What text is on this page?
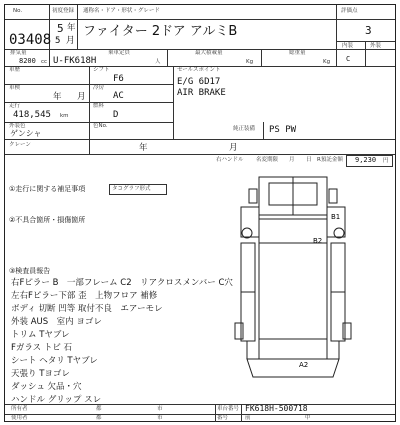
No.
03408
初度登録
5 年
5 月
通称名・ドア・形状・グレード
ファイター 2ドア アルミB
評価点
3
内装
C
外装
排気量
8200 cc U-FK618H
乗車定員
人
最大積載量
Kg
総重量
Kg
車歴	シフト
F6
車検
年 月
冷房
AC
走行
418,545 km
燃料
D
外装色
ゲンシャ
色No.
クレーン	年	月
セールスポイント
E/G 6D17
AIR BRAKE
純正装備 PS PW
右ハンドル 名変期限 月 日 R預託金額 9,230 円
①走行に関する補足事項	タコグラフ形式
②不具合箇所・損傷箇所
③検査員報告
右Fピラー B　一部フレーム C2　リアクロスメンバー C穴
左右Fピラー下部 歪　上物フロア 補修
ボディ 切断 凹等 取付不良　エアーモレ
外装 AUS　室内 ヨゴレ
トリム Tヤブレ
Fガラス トビ 石
シート ヘタリ Tヤブレ
天張り Tヨゴレ
ダッシュ 欠品・穴
ハンドル グリップ スレ
B1
B2
A2
所有者	都	市	車台番号 FK618H-500718
使用者	都	市	番号	前	中
